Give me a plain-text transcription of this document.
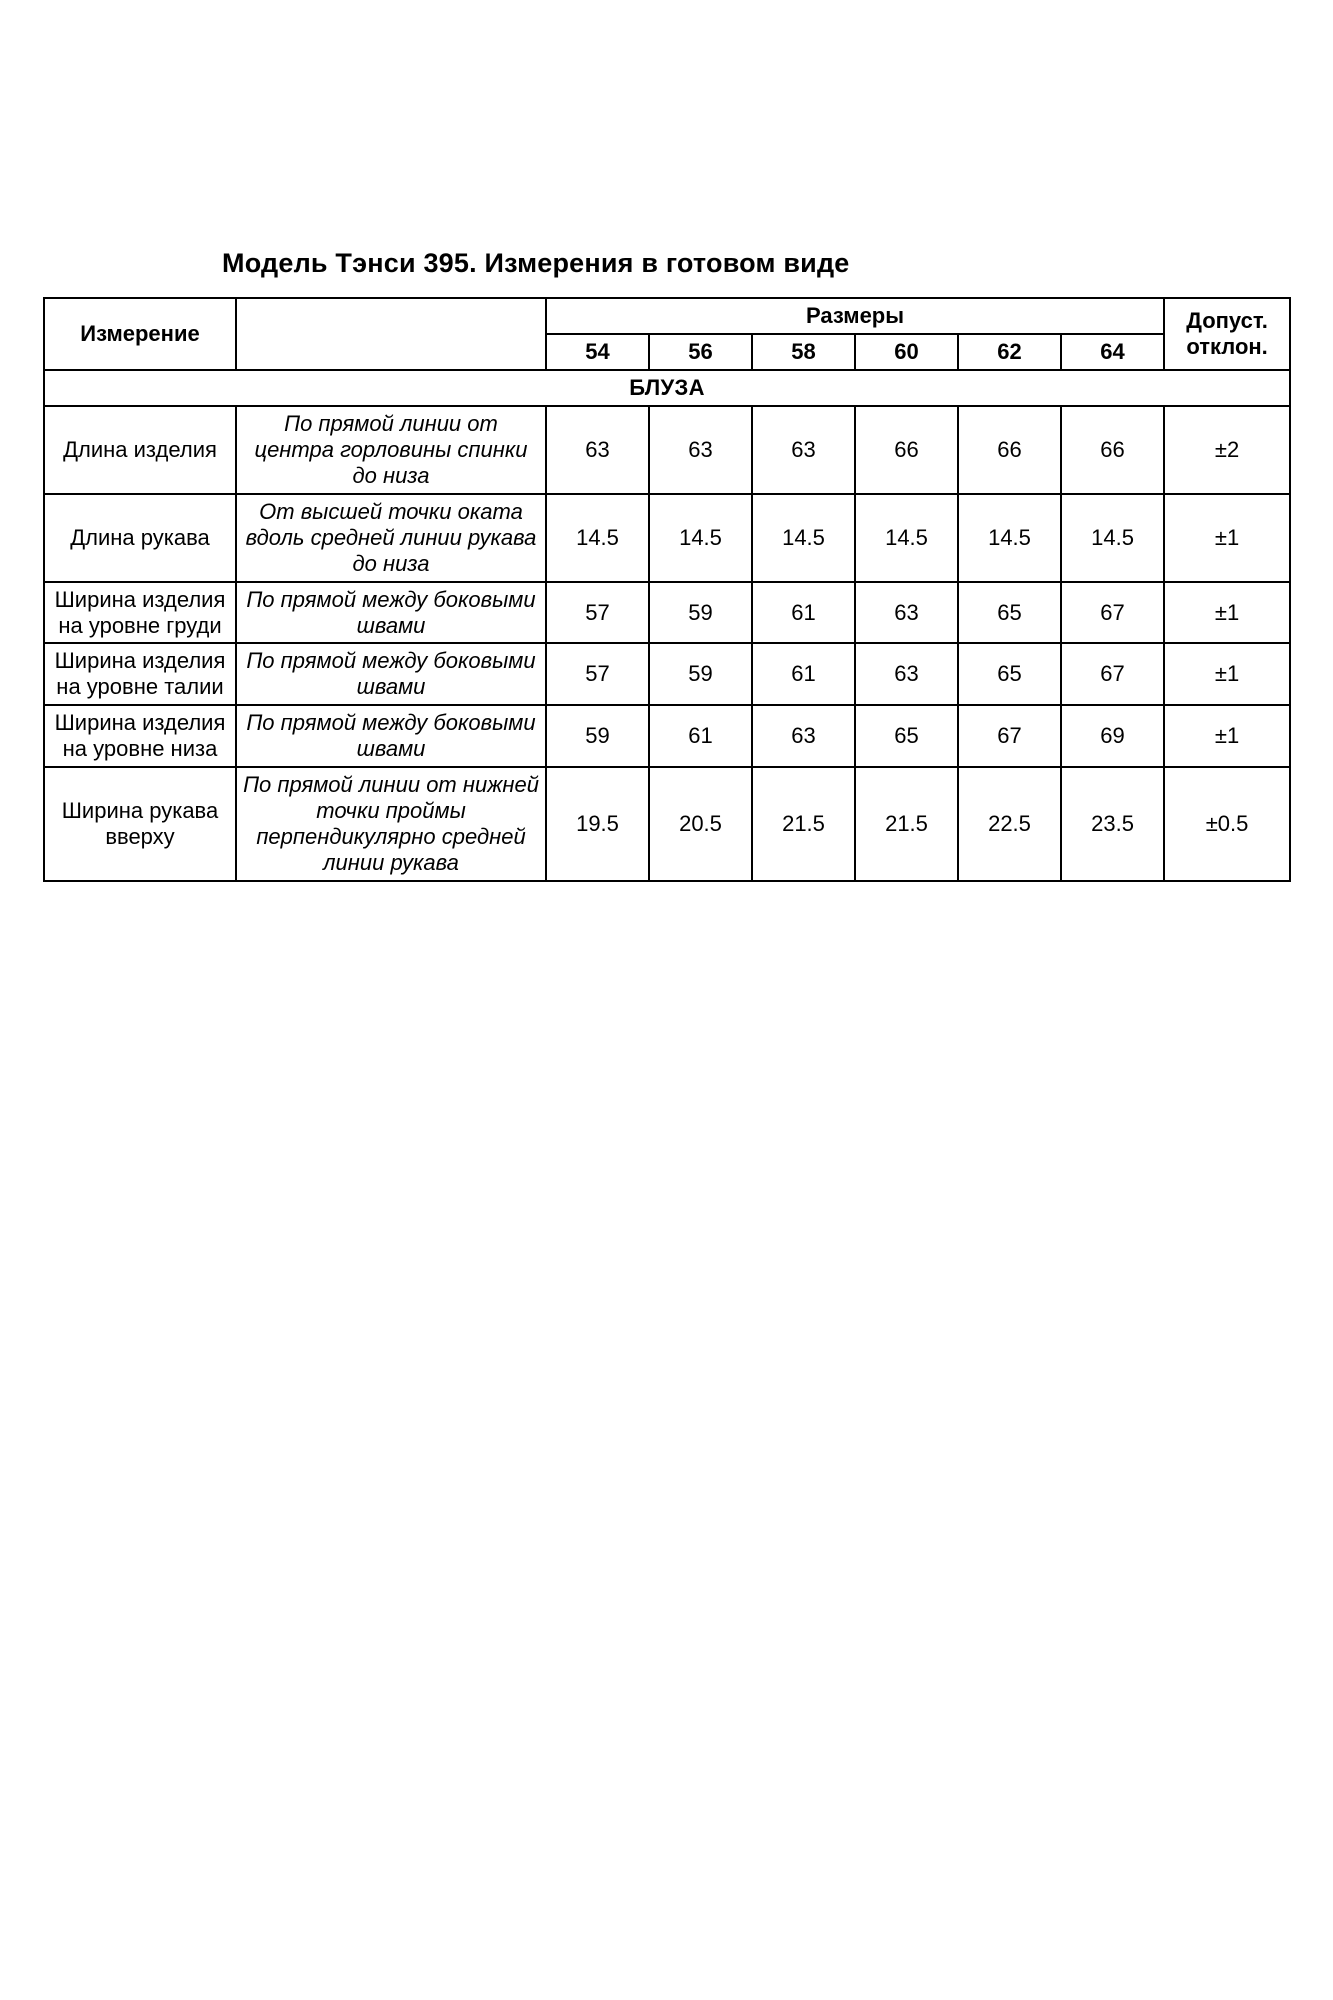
Модель Тэнси 395. Измерения в готовом виде
Измерение		Размеры						Допуст.
отклон.
		54	56	58	60	62	64	
БЛУЗА								
Длина изделия	По прямой линии от центра горловины спинки до низа	63	63	63	66	66	66	±2
Длина рукава	От высшей точки оката вдоль средней линии рукава до низа	14.5	14.5	14.5	14.5	14.5	14.5	±1
Ширина изделия на уровне груди	По прямой между боковыми швами	57	59	61	63	65	67	±1
Ширина изделия на уровне талии	По прямой между боковыми швами	57	59	61	63	65	67	±1
Ширина изделия на уровне низа	По прямой между боковыми швами	59	61	63	65	67	69	±1
Ширина рукава вверху	По прямой линии от нижней точки проймы перпендикулярно средней линии рукава	19.5	20.5	21.5	21.5	22.5	23.5	±0.5
